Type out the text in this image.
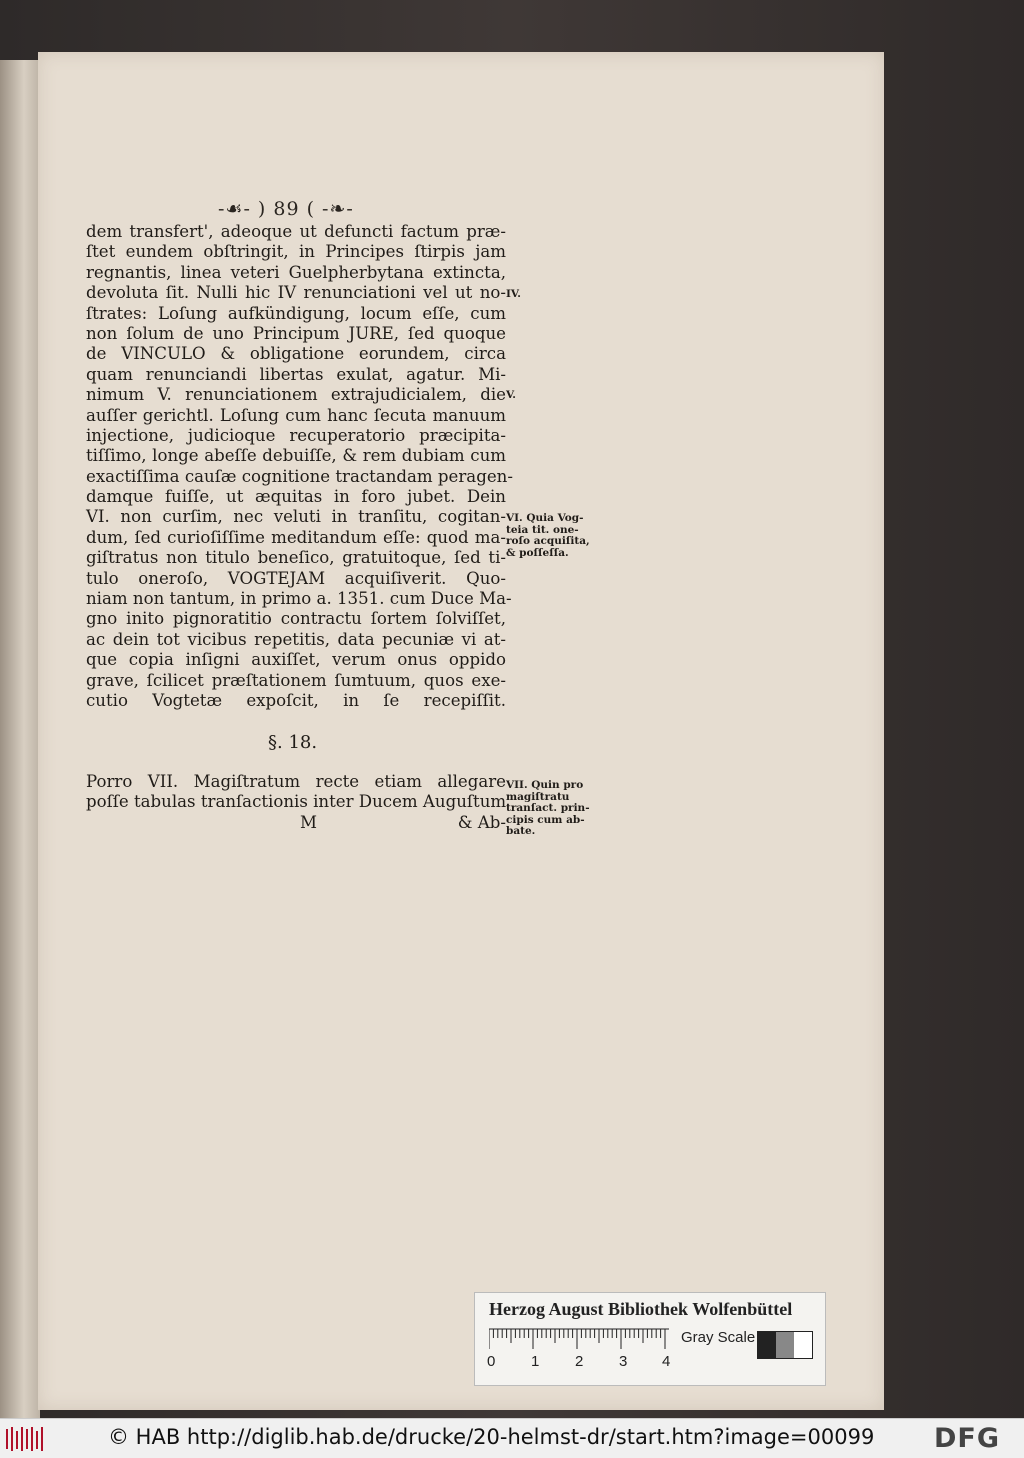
-☙‑ ) 89 ( ‑❧-
dem transfert', adeoque ut defuncti factum præ-
ſtet eundem obſtringit, in Principes ſtirpis jam
regnantis, linea veteri Guelpherbytana extincta,
devoluta ſit. Nulli hic IV renunciationi vel ut no-
ſtrates: Loſung aufkündigung, locum eſſe, cum
non ſolum de uno Principum JURE, ſed quoque
de VINCULO & obligatione eorundem, circa
quam renunciandi libertas exulat, agatur. Mi-
nimum V. renunciationem extrajudicialem, die
auſſer gerichtl. Loſung cum hanc ſecuta manuum
injectione, judicioque recuperatorio præcipita-
tiſſimo, longe abeſſe debuiſſe, & rem dubiam cum
exactiſſima cauſæ cognitione tractandam peragen-
damque fuiſſe, ut æquitas in foro jubet. Dein
VI. non curſim, nec veluti in tranſitu, cogitan-
dum, ſed curioſiſſime meditandum eſſe: quod ma-
giſtratus non titulo beneſico, gratuitoque, ſed ti-
tulo oneroſo, VOGTEJAM acquiſiverit. Quo-
niam non tantum, in primo a. 1351. cum Duce Ma-
gno inito pignoratitio contractu ſortem ſolviſſet,
ac dein tot vicibus repetitis, data pecuniæ vi at-
que copia inſigni auxiſſet, verum onus oppido
grave, ſcilicet præſtationem ſumtuum, quos exe-
cutio Vogtetæ expoſcit, in ſe recepiſſit.
IV.
V.
VI. Quia Vog-
teia tit. one-
roſo acquiſita,
& poſſeſſa.
§. 18.
Porro VII. Magiſtratum recte etiam allegare
poſſe tabulas tranſactionis inter Ducem Auguſtum
M	& Ab-
VII. Quin pro
magiſtratu
tranſact. prin-
cipis cum ab-
bate.
Herzog August Bibliothek Wolfenbüttel
0 1 2 3 4
Gray Scale
© HAB http://diglib.hab.de/drucke/20-helmst-dr/start.htm?image=00099 DFG
